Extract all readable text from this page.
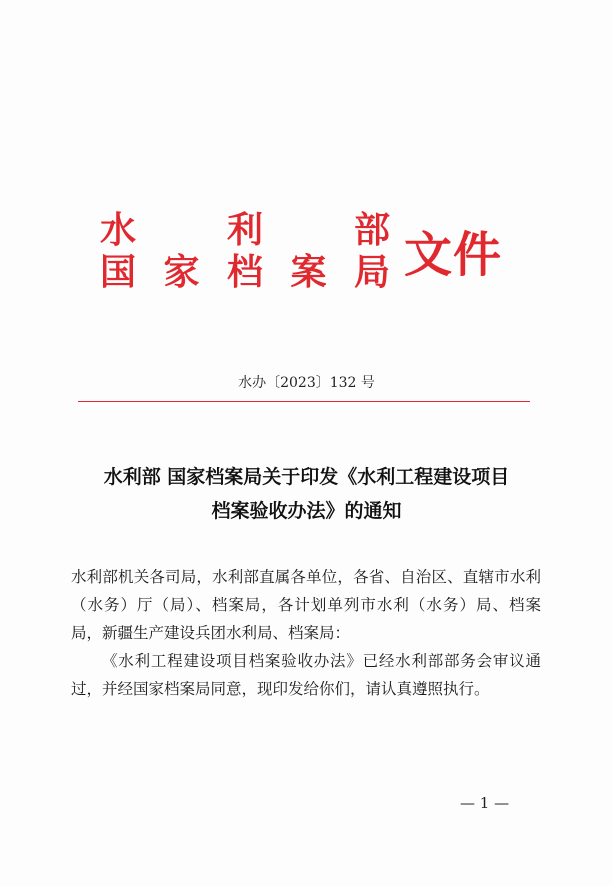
水	利	部
国 家 档 案 局 文件
水办〔2023〕132 号
水利部 国家档案局关于印发《水利工程建设项目
档案验收办法》的通知

水利部机关各司局，水利部直属各单位，各省、自治区、直辖市水利（水务）厅（局）、档案局，各计划单列市水利（水务）局、档案局，新疆生产建设兵团水利局、档案局：

《水利工程建设项目档案验收办法》已经水利部部务会审议通过，并经国家档案局同意，现印发给你们，请认真遵照执行。

— 1 —
